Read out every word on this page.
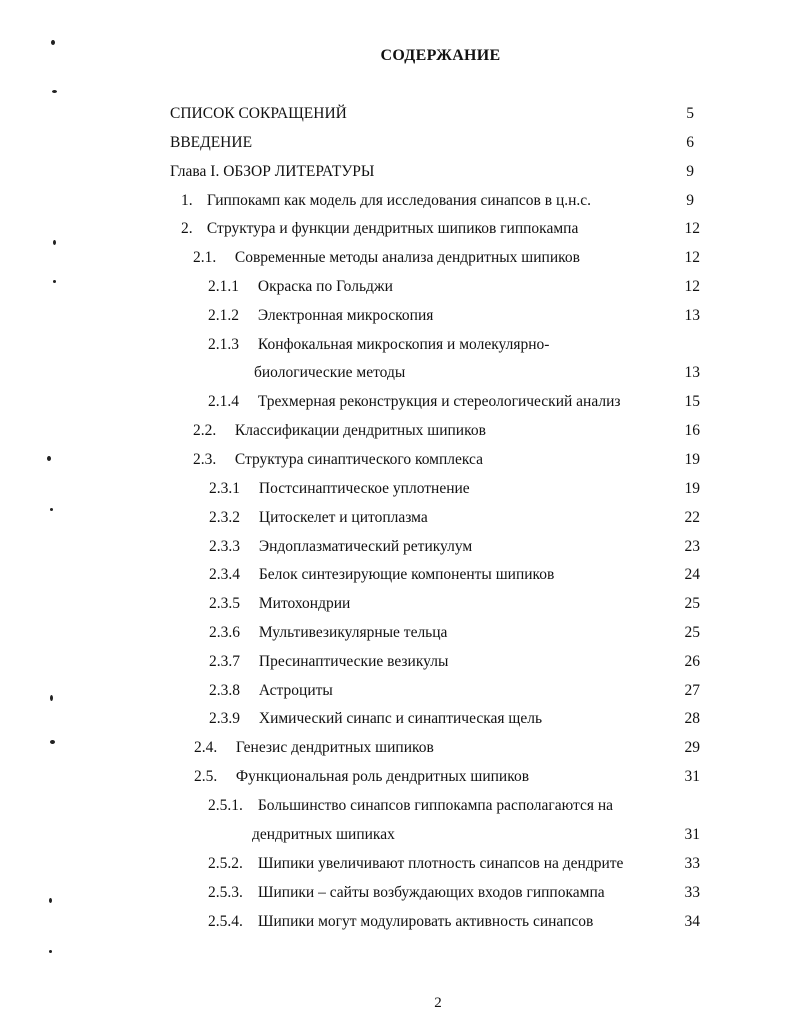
СОДЕРЖАНИЕ
СПИСОК СОКРАЩЕНИЙ	5
ВВЕДЕНИЕ	6
Глава I. ОБЗОР ЛИТЕРАТУРЫ	9
1. Гиппокамп как модель для исследования синапсов в ц.н.с.	9
2. Структура и функции дендритных шипиков гиппокампа	12
2.1. Современные методы анализа дендритных шипиков	12
2.1.1 Окраска по Гольджи	12
2.1.2 Электронная микроскопия	13
2.1.3 Конфокальная микроскопия и молекулярно-
биологические методы	13
2.1.4 Трехмерная реконструкция и стереологический анализ	15
2.2. Классификации дендритных шипиков	16
2.3. Структура синаптического комплекса	19
2.3.1 Постсинаптическое уплотнение	19
2.3.2 Цитоскелет и цитоплазма	22
2.3.3 Эндоплазматический ретикулум	23
2.3.4 Белок синтезирующие компоненты шипиков	24
2.3.5 Митохондрии	25
2.3.6 Мультивезикулярные тельца	25
2.3.7 Пресинаптические везикулы	26
2.3.8 Астроциты	27
2.3.9 Химический синапс и синаптическая щель	28
2.4. Генезис дендритных шипиков	29
2.5. Функциональная роль дендритных шипиков	31
2.5.1. Большинство синапсов гиппокампа располагаются на
дендритных шипиках	31
2.5.2. Шипики увеличивают плотность синапсов на дендрите	33
2.5.3. Шипики – сайты возбуждающих входов гиппокампа	33
2.5.4. Шипики могут модулировать активность синапсов	34
2
